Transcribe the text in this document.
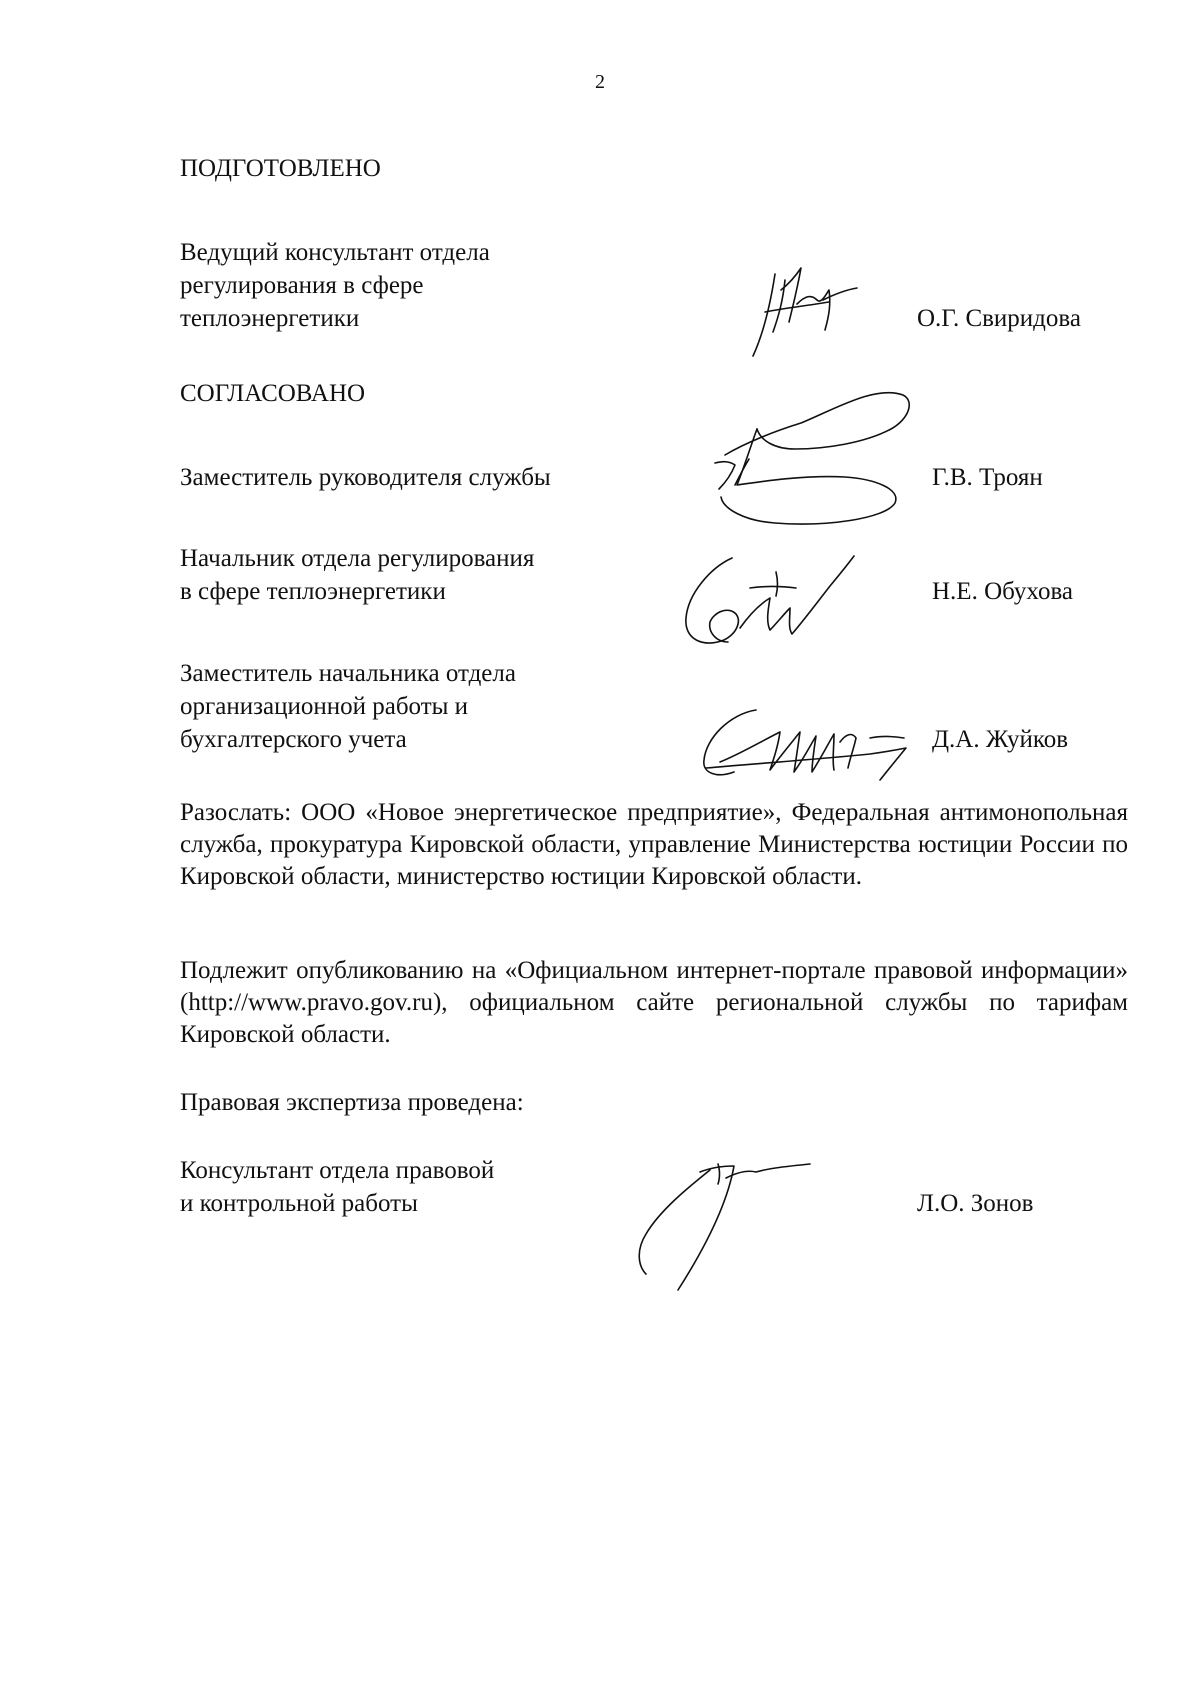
2
ПОДГОТОВЛЕНО
Ведущий консультант отдела
регулирования в сфере
теплоэнергетики	О.Г. Свиридова
СОГЛАСОВАНО
Заместитель руководителя службы	Г.В. Троян
Начальник отдела регулирования
в сфере теплоэнергетики	Н.Е. Обухова
Заместитель начальника отдела
организационной работы и
бухгалтерского учета	Д.А. Жуйков
Разослать: ООО «Новое энергетическое предприятие», Федеральная антимонопольная служба, прокуратура Кировской области, управление Министерства юстиции России по Кировской области, министерство юстиции Кировской области.
Подлежит опубликованию на «Официальном интернет-портале правовой информации» (http://www.pravo.gov.ru), официальном сайте региональной службы по тарифам Кировской области.
Правовая экспертиза проведена:
Консультант отдела правовой
и контрольной работы	Л.О. Зонов
